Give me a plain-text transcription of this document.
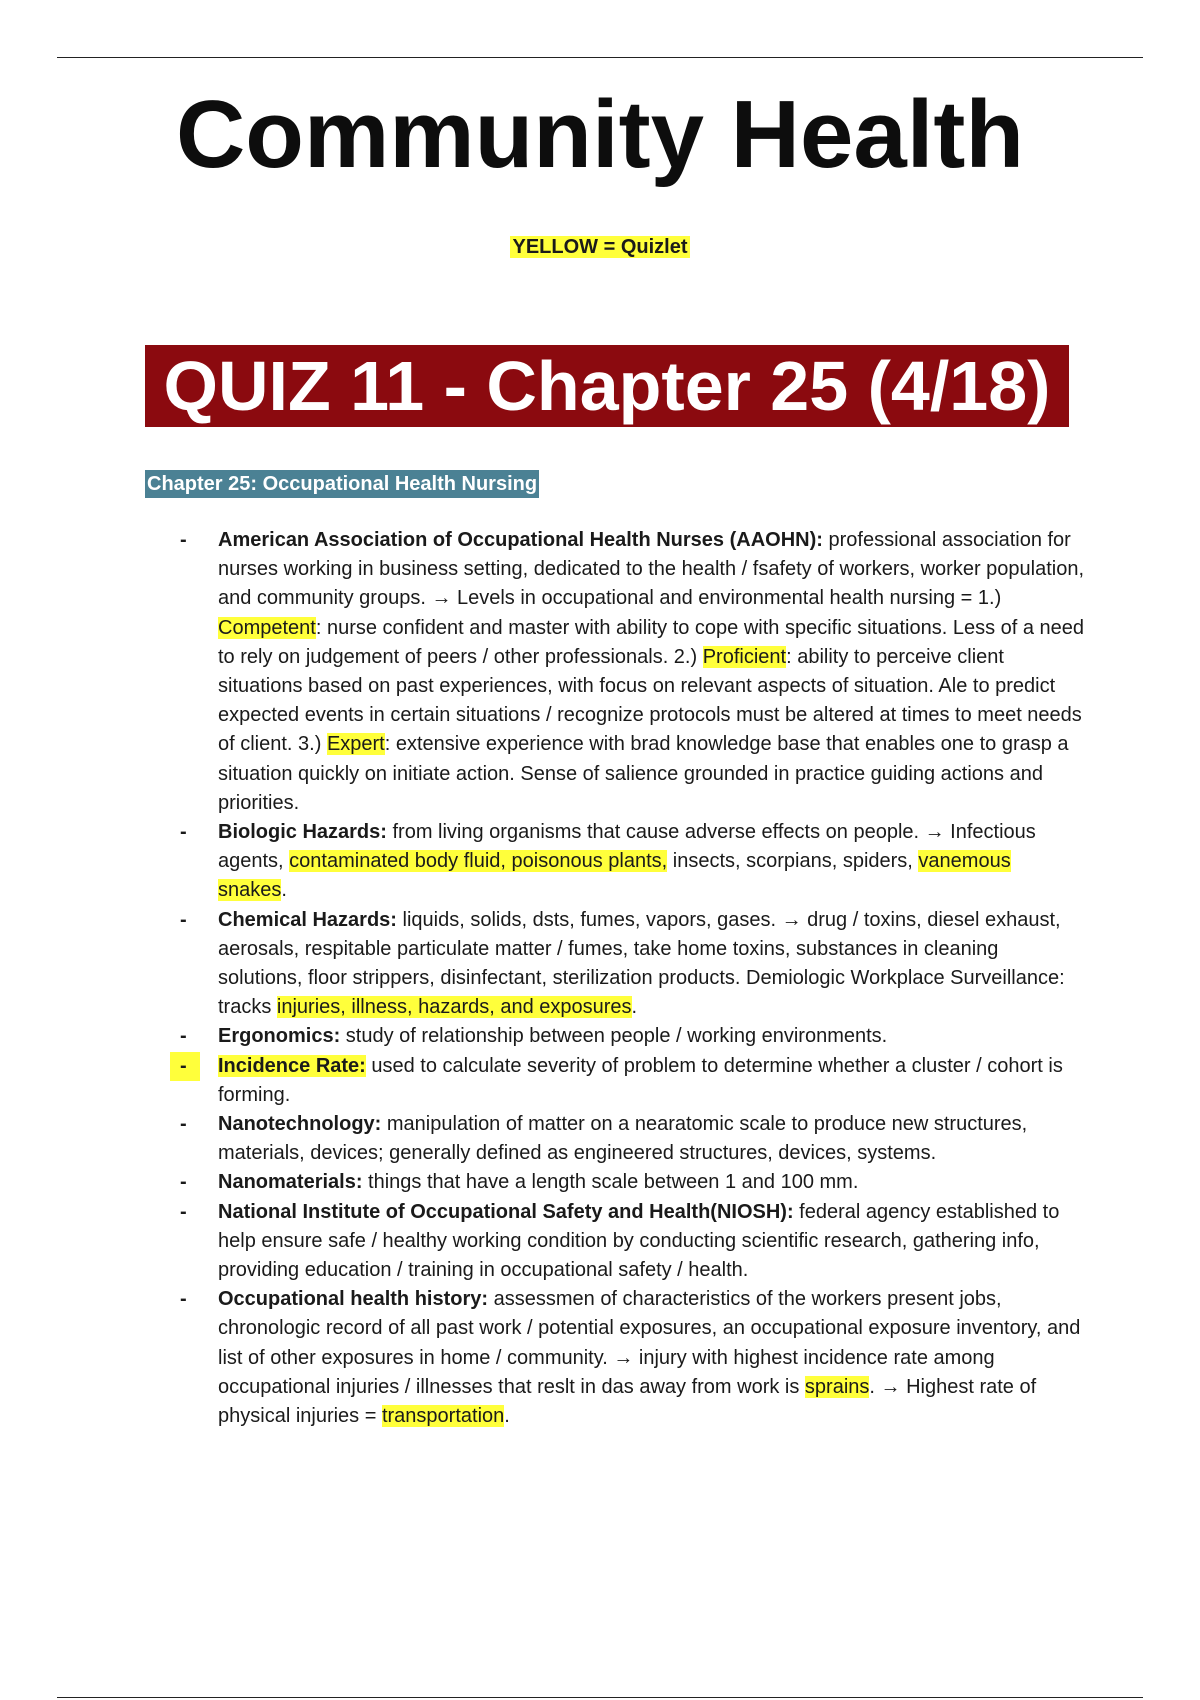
Community Health
YELLOW = Quizlet
QUIZ 11 - Chapter 25 (4/18)
Chapter 25: Occupational Health Nursing
-	American Association of Occupational Health Nurses (AAOHN): professional association for nurses working in business setting, dedicated to the health / fsafety of workers, worker population, and community groups. → Levels in occupational and environmental health nursing = 1.) Competent: nurse confident and master with ability to cope with specific situations. Less of a need to rely on judgement of peers / other professionals. 2.) Proficient: ability to perceive client situations based on past experiences, with focus on relevant aspects of situation. Ale to predict expected events in certain situations / recognize protocols must be altered at times to meet needs of client. 3.) Expert: extensive experience with brad knowledge base that enables one to grasp a situation quickly on initiate action. Sense of salience grounded in practice guiding actions and priorities.
-	Biologic Hazards: from living organisms that cause adverse effects on people. → Infectious agents, contaminated body fluid, poisonous plants, insects, scorpians, spiders, vanemous snakes.
-	Chemical Hazards: liquids, solids, dsts, fumes, vapors, gases. → drug / toxins, diesel exhaust, aerosals, respitable particulate matter / fumes, take home toxins, substances in cleaning solutions, floor strippers, disinfectant, sterilization products. Demiologic Workplace Surveillance: tracks injuries, illness, hazards, and exposures.
-	Ergonomics: study of relationship between people / working environments.
-	Incidence Rate: used to calculate severity of problem to determine whether a cluster / cohort is forming.
-	Nanotechnology: manipulation of matter on a nearatomic scale to produce new structures, materials, devices; generally defined as engineered structures, devices, systems.
-	Nanomaterials: things that have a length scale between 1 and 100 mm.
-	National Institute of Occupational Safety and Health(NIOSH): federal agency established to help ensure safe / healthy working condition by conducting scientific research, gathering info, providing education / training in occupational safety / health.
-	Occupational health history: assessmen of characteristics of the workers present jobs, chronologic record of all past work / potential exposures, an occupational exposure inventory, and list of other exposures in home / community. → injury with highest incidence rate among occupational injuries / illnesses that reslt in das away from work is sprains. → Highest rate of physical injuries = transportation.
